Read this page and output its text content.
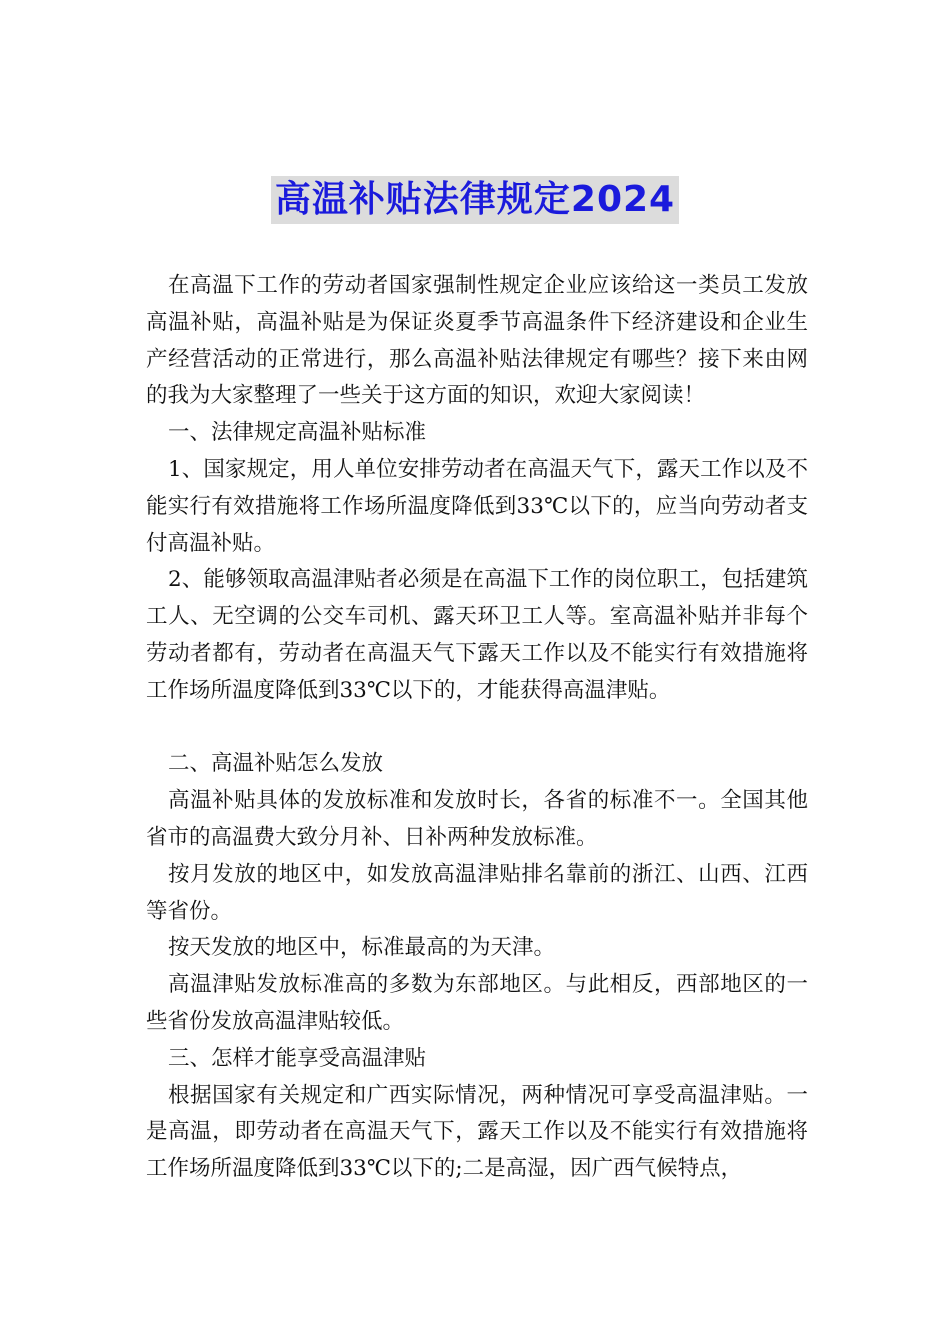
高温补贴法律规定2024

在高温下工作的劳动者国家强制性规定企业应该给这一类员工发放高温补贴，高温补贴是为保证炎夏季节高温条件下经济建设和企业生产经营活动的正常进行，那么高温补贴法律规定有哪些？接下来由网的我为大家整理了一些关于这方面的知识，欢迎大家阅读！

一、法律规定高温补贴标准

1、国家规定，用人单位安排劳动者在高温天气下，露天工作以及不能实行有效措施将工作场所温度降低到33℃以下的，应当向劳动者支付高温补贴。

2、能够领取高温津贴者必须是在高温下工作的岗位职工，包括建筑工人、无空调的公交车司机、露天环卫工人等。室高温补贴并非每个劳动者都有，劳动者在高温天气下露天工作以及不能实行有效措施将工作场所温度降低到33℃以下的，才能获得高温津贴。

二、高温补贴怎么发放

高温补贴具体的发放标准和发放时长，各省的标准不一。全国其他省市的高温费大致分月补、日补两种发放标准。

按月发放的地区中，如发放高温津贴排名靠前的浙江、山西、江西等省份。

按天发放的地区中，标准最高的为天津。

高温津贴发放标准高的多数为东部地区。与此相反，西部地区的一些省份发放高温津贴较低。

三、怎样才能享受高温津贴

根据国家有关规定和广西实际情况，两种情况可享受高温津贴。一是高温，即劳动者在高温天气下，露天工作以及不能实行有效措施将工作场所温度降低到33℃以下的;二是高湿，因广西气候特点，
